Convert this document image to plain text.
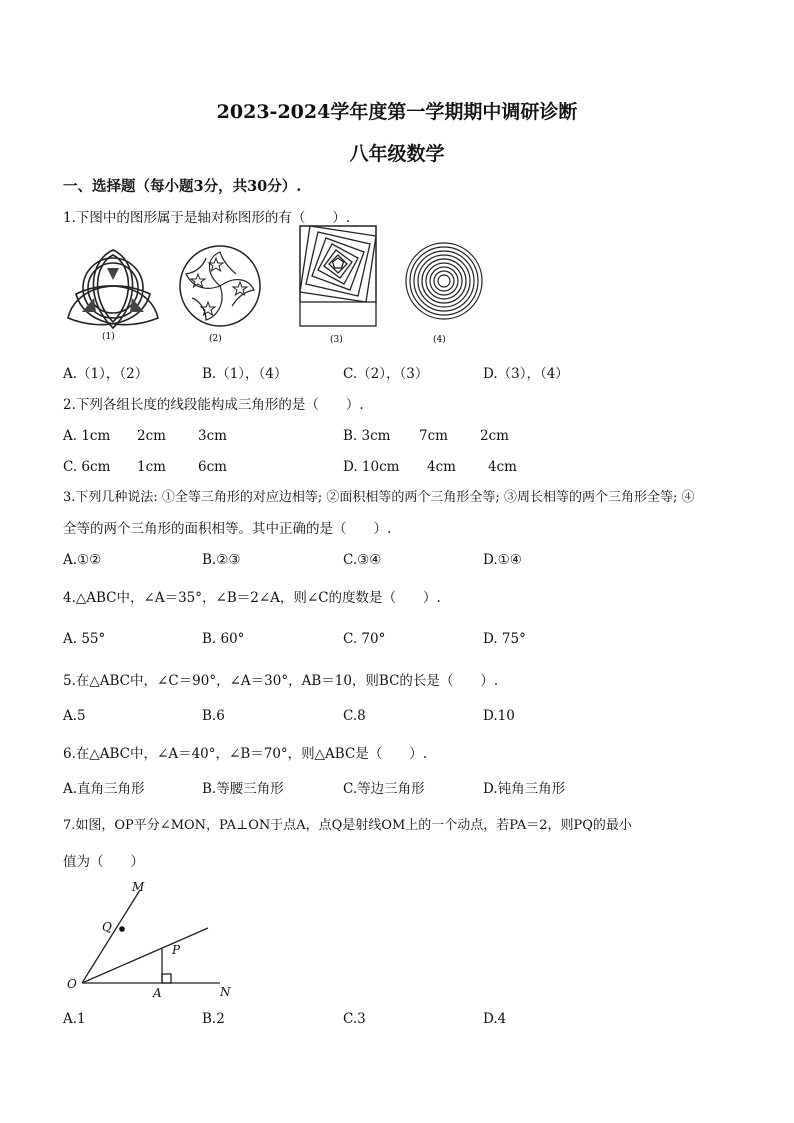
2023-2024学年度第一学期期中调研诊断
八年级数学
一、选择题（每小题3分，共30分）.
1.下图中的图形属于是轴对称图形的有（　　）.
(1)	(2)	(3)	(4)
A.（1），（2）	B.（1），（4）	C.（2），（3）	D.（3），（4）
2.下列各组长度的线段能构成三角形的是（　　）.
A. 1cm 2cm 3cm	B. 3cm 7cm 2cm
C. 6cm 1cm 6cm	D. 10cm 4cm 4cm
3.下列几种说法: ①全等三角形的对应边相等; ②面积相等的两个三角形全等; ③周长相等的两个三角形全等; ④
全等的两个三角形的面积相等。其中正确的是（　　）.
A.①②	B.②③	C.③④	D.①④
4.△ABC中，∠A＝35°，∠B＝2∠A，则∠C的度数是（　　）.
A. 55°	B. 60°	C. 70°	D. 75°
5.在△ABC中，∠C＝90°，∠A＝30°，AB＝10，则BC的长是（　　）.
A.5	B.6	C.8	D.10
6.在△ABC中，∠A＝40°，∠B＝70°，则△ABC是（　　）.
A.直角三角形	B.等腰三角形	C.等边三角形	D.钝角三角形
7.如图，OP平分∠MON，PA⊥ON于点A，点Q是射线OM上的一个动点，若PA＝2，则PQ的最小
值为（　　）
M
Q
P
O
A	N
A.1	B.2	C.3	D.4
